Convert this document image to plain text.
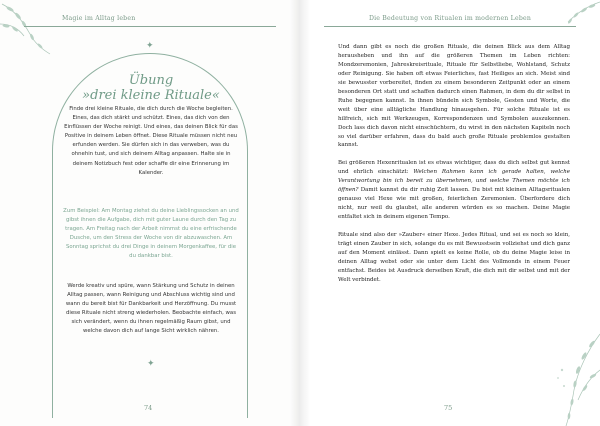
Magie im Alltag leben
✦
Übung
»drei kleine Rituale«
Finde drei kleine Rituale, die dich durch die Woche begleiten. Eines, das dich stärkt und schützt. Eines, das dich von den Einflüssen der Woche reinigt. Und eines, das deinen Blick für das Positive in deinem Leben öffnet. Diese Rituale müssen nicht neu erfunden werden. Sie dürfen sich in das verweben, was du ohnehin tust, und sich deinem Alltag anpassen. Halte sie in deinem Notizbuch fest oder schaffe dir eine Erinnerung im Kalender.
Zum Beispiel: Am Montag ziehst du deine Lieblingssocken an und gibst ihnen die Aufgabe, dich mit guter Laune durch den Tag zu tragen. Am Freitag nach der Arbeit nimmst du eine erfrischende Dusche, um den Stress der Woche von dir abzuwaschen. Am Sonntag sprichst du drei Dinge in deinem Morgenkaffee, für die du dankbar bist.
Werde kreativ und spüre, wann Stärkung und Schutz in deinen Alltag passen, wann Reinigung und Abschluss wichtig sind und wann du bereit bist für Dankbarkeit und Herzöffnung. Du musst diese Rituale nicht streng wiederholen. Beobachte einfach, was sich verändert, wenn du ihnen regelmäßig Raum gibst, und welche davon dich auf lange Sicht wirklich nähren.
✦
74
Die Bedeutung von Ritualen im modernen Leben

Und dann gibt es noch die großen Rituale, die deinen Blick aus dem Alltag herausheben und ihn auf die größeren Themen im Leben richten: Mondzeremonien, Jahreskreisrituale, Rituale für Selbstliebe, Wohlstand, Schutz oder Reinigung. Sie haben oft etwas Feierliches, fast Heiliges an sich. Meist sind sie bewusster vorbereitet, finden zu einem besonderen Zeitpunkt oder an einem besonderen Ort statt und schaffen dadurch einen Rahmen, in dem du dir selbst in Ruhe begegnen kannst. In ihnen bündeln sich Symbole, Gesten und Worte, die weit über eine alltägliche Handlung hinausgehen. Für solche Rituale ist es hilfreich, sich mit Werkzeugen, Korrespondenzen und Symbolen auszukennen. Doch lass dich davon nicht einschüchtern, du wirst in den nächsten Kapiteln noch so viel darüber erfahren, dass du bald auch große Rituale problemlos gestalten kannst.

Bei größeren Hexenritualen ist es etwas wichtiger, dass du dich selbst gut kennst und ehrlich einschätzt: Welchen Rahmen kann ich gerade halten, welche Verantwortung bin ich bereit zu übernehmen, und welche Themen möchte ich öffnen? Damit kannst du dir ruhig Zeit lassen. Du bist mit kleinen Alltagsritualen genauso viel Hexe wie mit großen, feierlichen Zeremonien. Überfordere dich nicht, nur weil du glaubst, alle anderen würden es so machen. Deine Magie entfaltet sich in deinem eigenen Tempo.

Rituale sind also der »Zauber« einer Hexe. Jedes Ritual, und sei es noch so klein, trägt einen Zauber in sich, solange du es mit Bewusstsein vollziehst und dich ganz auf den Moment einlässt. Dann spielt es keine Rolle, ob du deine Magie leise in deinen Alltag webst oder sie unter dem Licht des Vollmonds in einem Feuer entfachst. Beides ist Ausdruck derselben Kraft, die dich mit dir selbst und mit der Welt verbindet.

75
